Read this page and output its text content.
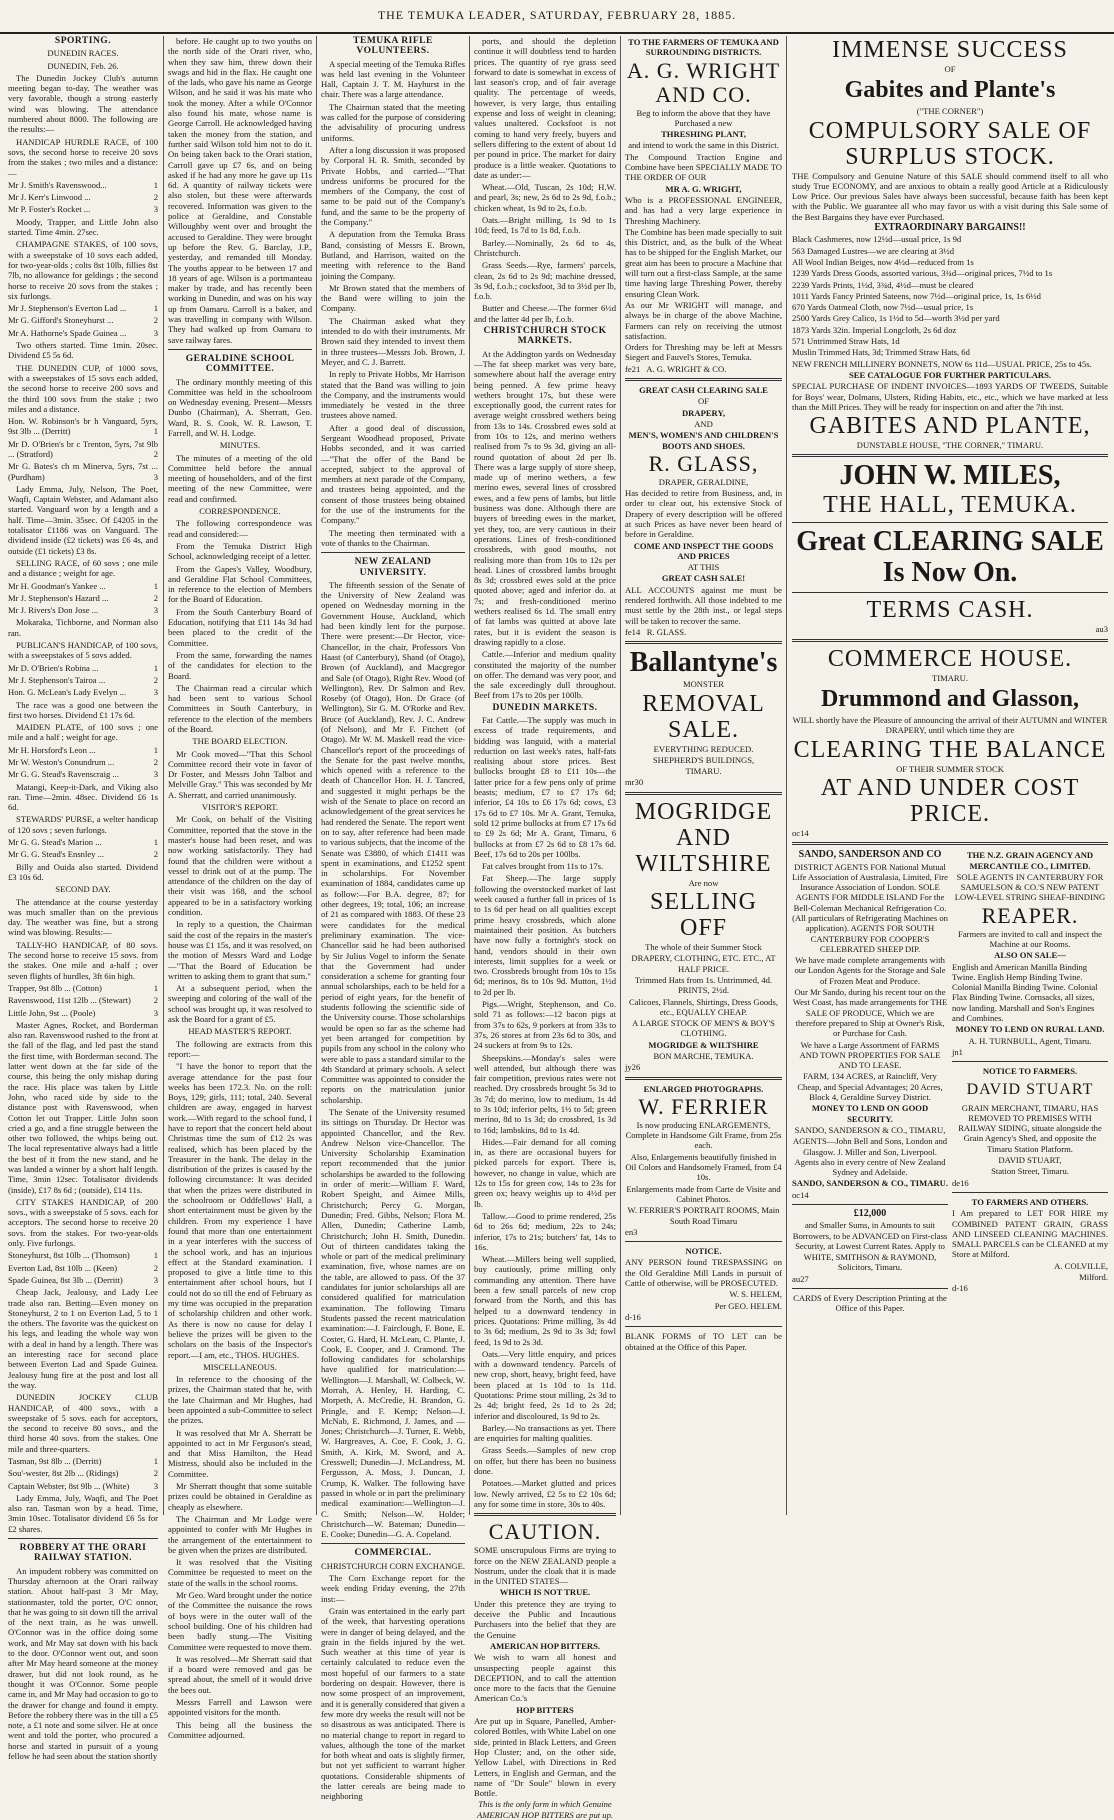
THE TEMUKA LEADER, SATURDAY, FEBRUARY 28, 1885.

SPORTING.

DUNEDIN RACES.

DUNEDIN, Feb. 26.

The Dunedin Jockey Club's autumn meeting began to-day. The weather was very favorable, though a strong easterly wind was blowing. The attendance numbered about 8000. The following are the results:—

HANDICAP HURDLE RACE, of 100 sovs, the second horse to receive 20 sovs from the stakes ; two miles and a distance:—

Mr J. Smith's Ravenswood...	1

Mr J. Kerr's Linwood ...	2

Mr P. Foster's Rocket ...	3

Moody, Trapper, and Little John also started. Time 4min. 27sec.

CHAMPAGNE STAKES, of 100 sovs, with a sweepstake of 10 sovs each added, for two-year-olds ; colts 8st 10lb, fillies 8st 7lb, no allowance for geldings ; the second horse to receive 20 sovs from the stakes ; six furlongs.

Mr J. Stephenson's Everton Lad ...	1

Mr G. Gifford's Stoneyhurst ...	2

Mr A. Hathorne's Spade Guinea ...	3

Two others started. Time 1min. 20sec. Dividend £5 5s 6d.

THE DUNEDIN CUP, of 1000 sovs, with a sweepstakes of 15 sovs each added, the second horse to receive 200 sovs and the third 100 sovs from the stake ; two miles and a distance.

Hon. W. Robinson's br h Vanguard, 5yrs, 9st 3lb ... (Derritt)	1

Mr D. O'Brien's br c Trenton, 5yrs, 7st 9lb ... (Stratford)	2

Mr G. Bates's ch m Minerva, 5yrs, 7st ... (Purdham)	3

Lady Emma, July, Nelson, The Poet, Waqfi, Captain Webster, and Adamant also started. Vanguard won by a length and a half. Time—3min. 35sec. Of £4205 in the totalisator £1186 was on Vanguard. The dividend inside (£2 tickets) was £6 4s, and outside (£1 tickets) £3 8s.

SELLING RACE, of 60 sovs ; one mile and a distance ; weight for age.

Mr H. Goodman's Yankee ...	1

Mr J. Stephenson's Hazard ...	2

Mr J. Rivers's Don Jose ...	3

Mokaraka, Tichborne, and Norman also ran.

PUBLICAN'S HANDICAP, of 100 sovs, with a sweepstakes of 5 sovs added.

Mr D. O'Brien's Robina ...	1

Mr J. Stephenson's Tairoa ...	2

Hon. G. McLean's Lady Evelyn ...	3

The race was a good one between the first two horses. Dividend £1 17s 6d.

MAIDEN PLATE, of 100 sovs ; one mile and a half ; weight for age.

Mr H. Horsford's Leon ...	1

Mr W. Weston's Conundrum ...	2

Mr G. G. Stead's Ravenscraig ...	3

Matangi, Keep-it-Dark, and Viking also ran. Time—2min. 48sec. Dividend £6 1s 6d.

STEWARDS' PURSE, a welter handicap of 120 sovs ; seven furlongs.

Mr G. G. Stead's Marion ...	1

Mr G. G. Stead's Ensnley ...	2

Billy and Ouida also started. Dividend £3 10s 6d.

SECOND DAY.

The attendance at the course yesterday was much smaller than on the previous day. The weather was fine, but a strong wind was blowing. Results:—

TALLY-HO HANDICAP, of 80 sovs. The second horse to receive 15 sovs. from the stakes. One mile and a-half ; over seven flights of hurdles, 3ft 6in high.

Trapper, 9st 8lb ... (Cotton)	1

Ravenswood, 11st 12lb ... (Stewart)	2

Little John, 9st ... (Poole)	3

Master Agnes, Rocket, and Borderman also ran. Ravenswood rushed to the front at the fall of the flag, and led past the stand the first time, with Borderman second. The latter went down at the far side of the course, this being the only mishap during the race. His place was taken by Little John, who raced side by side to the distance post with Ravenswood, when Cotton let out Trapper. Little John soon cried a go, and a fine struggle between the other two followed, the whips being out. The local representative always had a little the best of it from the new stand, and he was landed a winner by a short half length. Time, 3min 12sec. Totalisator dividends (inside), £17 8s 6d ; (outside), £14 11s.

CITY STAKES HANDICAP, of 200 sovs., with a sweepstake of 5 sovs. each for acceptors. The second horse to receive 20 sovs. from the stakes. For two-year-olds only. Five furlongs.

Stoneyhurst, 8st 10lb ... (Thomson)	1

Everton Lad, 8st 10lb ... (Keen)	2

Spade Guinea, 8st 3lb ... (Derritt)	3

Cheap Jack, Jealousy, and Lady Lee trade also ran. Betting—Even money on Stoneyhurst, 2 to 1 on Everton Lad, 5 to 1 the others. The favorite was the quickest on his legs, and leading the whole way won with a deal in hand by a length. There was an interesting race for second place between Everton Lad and Spade Guinea. Jealousy hung fire at the post and lost all the way.

DUNEDIN JOCKEY CLUB HANDICAP, of 400 sovs., with a sweepstake of 5 sovs. each for acceptors, the second to receive 80 sovs., and the third horse 40 sovs. from the stakes. One mile and three-quarters.

Tasman, 9st 8lb ... (Derritt)	1

Sou'-wester, 8st 2lb ... (Ridings)	2

Captain Webster, 8st 9lb ... (White)	3

Lady Emma, July, Waqfi, and The Poet also ran. Tasman won by a head. Time, 3min 10sec. Totalisator dividend £6 5s for £2 shares.

ROBBERY AT THE ORARI RAILWAY STATION.

An impudent robbery was committed on Thursday afternoon at the Orari railway station. About half-past 3 Mr May, stationmaster, told the porter, O'C onnor, that he was going to sit down till the arrival of the next train, as he was unwell. O'Connor was in the office doing some work, and Mr May sat down with his back to the door. O'Connor went out, and soon after Mr May heard someone at the money drawer, but did not look round, as he thought it was O'Connor. Some people came in, and Mr May had occasion to go to the drawer for change and found it empty. Before the robbery there was in the till a £5 note, a £1 note and some silver. He at once went and told the porter, who procured a horse and started in pursuit of a young fellow he had seen about the station shortly

before. He caught up to two youths on the north side of the Orari river, who, when they saw him, threw down their swags and hid in the flax. He caught one of the lads, who gave his name as George Wilson, and he said it was his mate who took the money. After a while O'Connor also found his mate, whose name is George Carroll. He acknowledged having taken the money from the station, and further said Wilson told him not to do it. On being taken back to the Orari station, Carroll gave up £7 6s, and on being asked if he had any more he gave up 11s 6d. A quantity of railway tickets were also stolen, but these were afterwards recovered. Information was given to the police at Geraldine, and Constable Willoughby went over and brought the accused to Geraldine. They were brought up before the Rev. G. Barclay, J.P., yesterday, and remanded till Monday. The youths appear to be between 17 and 18 years of age. Wilson is a portmanteau maker by trade, and has recently been working in Dunedin, and was on his way up from Oamaru. Carroll is a baker, and was travelling in company with Wilson. They had walked up from Oamaru to save railway fares.

GERALDINE SCHOOL COMMITTEE.

The ordinary monthly meeting of this Committee was held in the schoolroom on Wednesday evening. Present—Messrs Dunbo (Chairman), A. Sherratt, Geo. Ward, R. S. Cook, W. R. Lawson, T. Farrell, and W. H. Lodge.

MINUTES.

The minutes of a meeting of the old Committee held before the annual meeting of householders, and of the first meeting of the new Committee, were read and confirmed.

CORRESPONDENCE.

The following correspondence was read and considered:—

From the Temuka District High School, acknowledging receipt of a letter.

From the Gapes's Valley, Woodbury, and Geraldine Flat School Committees, in reference to the election of Members for the Board of Education.

From the South Canterbury Board of Education, notifying that £11 14s 3d had been placed to the credit of the Committee.

From the same, forwarding the names of the candidates for election to the Board.

The Chairman read a circular which had been sent to various School Committees in South Canterbury, in reference to the election of the members of the Board.

THE BOARD ELECTION.

Mr Cook moved—"That this School Committee record their vote in favor of Dr Foster, and Messrs John Talbot and Melville Gray." This was seconded by Mr A. Sherratt, and carried unanimously.

VISITOR'S REPORT.

Mr Cook, on behalf of the Visiting Committee, reported that the stove in the master's house had been reset, and was now working satisfactorily. They had found that the children were without a vessel to drink out of at the pump. The attendance of the children on the day of their visit was 168, and the school appeared to be in a satisfactory working condition.

In reply to a question, the Chairman said the cost of the repairs in the master's house was £1 15s, and it was resolved, on the motion of Messrs Ward and Lodge—"That the Board of Education be written to asking them to grant that sum."

At a subsequent period, when the sweeping and coloring of the wall of the school was brought up, it was resolved to ask the Board for a grant of £5.

HEAD MASTER'S REPORT.

The following are extracts from this report:—

"I have the honor to report that the average attendance for the past four weeks has been 172.3. No. on the roll: Boys, 129; girls, 111; total, 240. Several children are away, engaged in harvest work.—With regard to the school fund, I have to report that the concert held about Christmas time the sum of £12 2s was realised, which has been placed by the Treasurer in the bank. The delay in the distribution of the prizes is caused by the following circumstance: It was decided that when the prizes were distributed in the schoolroom or Oddfellows' Hall, a short entertainment must be given by the children. From my experience I have found that more than one entertainment in a year interferes with the success of the school work, and has an injurious effect at the Standard examination. I proposed to give a little time to this entertainment after school hours, but I could not do so till the end of February as my time was occupied in the preparation of scholarship children and other work. As there is now no cause for delay I believe the prizes will be given to the scholars on the basis of the Inspector's report.—I am, etc., THOS. HUGHES.

MISCELLANEOUS.

In reference to the choosing of the prizes, the Chairman stated that he, with the late Chairman and Mr Hughes, had been appointed a sub-Committee to select the prizes.

It was resolved that Mr A. Sherratt be appointed to act in Mr Ferguson's stead, and that Miss Hamilton, the Head Mistress, should also be included in the Committee.

Mr Sherratt thought that some suitable prizes could be obtained in Geraldine as cheaply as elsewhere.

The Chairman and Mr Lodge were appointed to confer with Mr Hughes in the arrangement of the entertainment to be given when the prizes are distributed.

It was resolved that the Visiting Committee be requested to meet on the state of the walls in the school rooms.

Mr Geo. Ward brought under the notice of the Committee the nuisance the rows of boys were in the outer wall of the school building. One of his children had been badly stung.—The Visiting Committee were requested to move them.

It was resolved—Mr Sherratt said that if a board were removed and gas be spread about, the smell of it would drive the bees out.

Messrs Farrell and Lawson were appointed visitors for the month.

This being all the business the Committee adjourned.

TEMUKA RIFLE VOLUNTEERS.

A special meeting of the Temuka Rifles was held last evening in the Volunteer Hall, Captain J. T. M. Hayhurst in the chair. There was a large attendance.

The Chairman stated that the meeting was called for the purpose of considering the advisability of procuring undress uniforms.

After a long discussion it was proposed by Corporal H. R. Smith, seconded by Private Hobbs, and carried—"That undress uniforms be procured for the members of the Company, the cost of same to be paid out of the Company's fund, and the same to be the property of the Company."

A deputation from the Temuka Brass Band, consisting of Messrs E. Brown, Butland, and Harrison, waited on the meeting with reference to the Band joining the Company.

Mr Brown stated that the members of the Band were willing to join the Company.

The Chairman asked what they intended to do with their instruments. Mr Brown said they intended to invest them in three trustees—Messrs Job. Brown, J. Meyer, and C. J. Barrett.

In reply to Private Hobbs, Mr Harrison stated that the Band was willing to join the Company, and the instruments would immediately be vested in the three trustees above named.

After a good deal of discussion, Sergeant Woodhead proposed, Private Hobbs seconded, and it was carried—"That the offer of the Band be accepted, subject to the approval of members at next parade of the Company, and trustees being appointed, and the consent of those trustees being obtained for the use of the instruments for the Company."

The meeting then terminated with a vote of thanks to the Chairman.

NEW ZEALAND UNIVERSITY.

The fifteenth session of the Senate of the University of New Zealand was opened on Wednesday morning in the Government House, Auckland, which had been kindly lent for the purpose. There were present:—Dr Hector, vice-Chancellor, in the chair, Professors Von Haast (of Canterbury), Shand (of Otago), Brown (of Auckland), and Macgregor and Sale (of Otago), Right Rev. Wood (of Wellington), Rev. Dr Salmon and Rev. Roseby (of Otago), Hon. Dr Grace (of Wellington), Sir G. M. O'Rorke and Rev. Bruce (of Auckland), Rev. J. C. Andrew (of Nelson), and Mr F. Fitchett (of Otago). Mr W. M. Maskell read the vice-Chancellor's report of the proceedings of the Senate for the past twelve months, which opened with a reference to the death of Chancellor Hon. H. J. Tancred, and suggested it might perhaps be the wish of the Senate to place on record an acknowledgement of the great services he had rendered the Senate. The report went on to say, after reference had been made to various subjects, that the income of the Senate was £3880, of which £1411 was spent in examinations, and £1252 spent in scholarships. For November examination of 1884, candidates came up as follow:—For B.A. degree, 87; for other degrees, 19; total, 106; an increase of 21 as compared with 1883. Of these 23 were candidates for the medical preliminary examination. The vice-Chancellor said he had been authorised by Sir Julius Vogel to inform the Senate that the Government had under consideration a scheme for granting four annual scholarships, each to be held for a period of eight years, for the benefit of students following the scientific side of the University course. Those scholarships would be open so far as the scheme had yet been arranged for competition by pupils from any school in the colony who were able to pass a standard similar to the 4th Standard at primary schools. A select Committee was appointed to consider the reports on the matriculation junior scholarship.

The Senate of the University resumed its sittings on Thursday. Dr Hector was appointed Chancellor, and the Rev. Andrew Nelson vice-Chancellor. The University Scholarship Examination report recommended that the junior scholarships be awarded to the following in order of merit:—William F. Ward, Robert Speight, and Aimee Mills, Christchurch; Percy G. Morgan, Dunedin; Fred. Gibbs, Nelson; Flora M. Allen, Dunedin; Catherine Lamb, Christchurch; John H. Smith, Dunedin. Out of thirteen candidates taking the whole or part of the medical preliminary examination, five, whose names are on the table, are allowed to pass. Of the 37 candidates for junior scholarships all are considered qualified for matriculation examination. The following Timaru Students passed the recent matriculation examination:—J. Fairclough, F. Bone, E. Coster, G. Hard, H. McLean, C. Plante, J. Cook, E. Cooper, and J. Cramond. The following candidates for scholarships have qualified for matriculation:—Wellington—J. Marshall, W. Colbeck, W. Morrah, A. Henley, H. Harding, C. Morpeth, A. McCredie, H. Brandon, G. Pringle, and F. Kemp; Nelson—J. McNab, E. Richmond, J. James, and —Jones; Christchurch—J. Turner, E. Webb, W. Hargreaves, A. Coe, F. Cook, J. G. Smith, A. Kirk, M. Sword, and A. Cresswell; Dunedin—J. McLandress, M. Fergusson, A. Moss, J. Duncan, J. Crump, K. Walker. The following have passed in whole or in part the preliminary medical examination:—Wellington—J. C. Smith; Nelson—W. Holder; Christchurch—W. Bateman; Dunedin—E. Cooke; Dunedin—G. A. Copeland.

COMMERCIAL.

CHRISTCHURCH CORN EXCHANGE.

The Corn Exchange report for the week ending Friday evening, the 27th inst:—

Grain was entertained in the early part of the week, that harvesting operations were in danger of being delayed, and the grain in the fields injured by the wet. Such weather at this time of year is certainly calculated to reduce even the most hopeful of our farmers to a state bordering on despair. However, there is now some prospect of an improvement, and it is generally considered that given a few more dry weeks the result will not be so disastrous as was anticipated. There is no material change to report in regard to values, although the tone of the market for both wheat and oats is slightly firmer, but not yet sufficient to warrant higher quotations. Considerable shipments of the latter cereals are being made to neighboring

ports, and should the depletion continue it will doubtless tend to harden prices. The quantity of rye grass seed forward to date is somewhat in excess of last season's crop, and of fair average quality. The percentage of weeds, however, is very large, thus entailing expense and loss of weight in cleaning; values unaltered. Cocksfoot is not coming to hand very freely, buyers and sellers differing to the extent of about 1d per pound in price. The market for dairy produce is a little weaker. Quotations to date as under:—

Wheat.—Old, Tuscan, 2s 10d; H.W. and pearl, 3s; new, 2s 6d to 2s 9d, f.o.b.; chicken wheat, 1s 9d to 2s, f.o.b.

Oats.—Bright milling, 1s 9d to 1s 10d; feed, 1s 7d to 1s 8d, f.o.b.

Barley.—Nominally, 2s 6d to 4s, Christchurch.

Grass Seeds.—Rye, farmers' parcels, clean, 2s 6d to 2s 9d; machine dressed, 3s 9d, f.o.b.; cocksfoot, 3d to 3½d per lb, f.o.b.

Butter and Cheese.—The former 6½d and the latter 4d per lb, f.o.b.

CHRISTCHURCH STOCK MARKETS.

At the Addington yards on Wednesday—The fat sheep market was very bare, somewhere about half the average entry being penned. A few prime heavy wethers brought 17s, but these were exceptionally good, the current rates for average weight crossbred wethers being from 13s to 14s. Crossbred ewes sold at from 10s to 12s, and merino wethers realised from 7s to 9s 3d, giving an all-round quotation of about 2d per lb. There was a large supply of store sheep, made up of merino wethers, a few merino ewes, several lines of crossbred ewes, and a few pens of lambs, but little business was done. Although there are buyers of breeding ewes in the market, yet they, too, are very cautious in their operations. Lines of fresh-conditioned crossbreds, with good mouths, not realising more than from 10s to 12s per head. Lines of crossbred lambs brought 8s 3d; crossbred ewes sold at the price quoted above; aged and inferior do. at 7s; and fresh-conditioned merino wethers realised 6s 1d. The small entry of fat lambs was quitted at above late rates, but it is evident the season is drawing rapidly to a close.

Cattle.—Inferior and medium quality constituted the majority of the number on offer. The demand was very poor, and the sale exceedingly dull throughout. Beef from 17s to 20s per 100lb.

DUNEDIN MARKETS.

Fat Cattle.—The supply was much in excess of trade requirements, and bidding was languid, with a material reduction on last week's rates, half-fats realising about store prices. Best bullocks brought £8 to £11 10s—the latter price for a few pens only of prime beasts; medium, £7 to £7 17s 6d; inferior, £4 10s to £6 17s 6d; cows, £3 17s 6d to £7 10s. Mr A. Grant, Temuka, sold 12 prime bullocks at from £7 17s 6d to £9 2s 6d; Mr A. Grant, Timaru, 6 bullocks at from £7 2s 6d to £8 17s 6d. Beef, 17s 6d to 20s per 100lbs.

Fat calves brought from 11s to 17s.

Fat Sheep.—The large supply following the overstocked market of last week caused a further fall in prices of 1s to 1s 6d per head on all qualities except prime heavy crossbreds, which alone maintained their position. As butchers have now fully a fortnight's stock on hand, vendors should in their own interests, limit supplies for a week or two. Crossbreds brought from 10s to 15s 6d; merinos, 8s to 10s 9d. Mutton, 1½d to 2d per lb.

Pigs.—Wright, Stephenson, and Co. sold 71 as follows:—12 bacon pigs at from 37s to 62s, 9 porkers at from 33s to 37s, 26 stores at from 23s 6d to 30s, and 24 suckers at from 9s to 12s.

Sheepskins.—Monday's sales were well attended, but although there was fair competition, previous rates were not reached. Dry crossbreds brought 5s 3d to 3s 7d; do merino, low to medium, 1s 4d to 3s 10d; inferior pelts, 1½ to 5d; green merino, 8d to 1s 3d; do crossbred, 1s 3d to 16d; lambskins, 8d to 1s 4d.

Hides.—Fair demand for all coming in, as there are occasional buyers for picked parcels for export. There is, however, no change in value, which are 12s to 15s for green cow, 14s to 23s for green ox; heavy weights up to 4½d per lb.

Tallow.—Good to prime rendered, 25s 6d to 26s 6d; medium, 22s to 24s; inferior, 17s to 21s; butchers' fat, 14s to 16s.

Wheat.—Millers being well supplied, buy cautiously, prime milling only commanding any attention. There have been a few small parcels of new crop forward from the North, and this has helped to a downward tendency in prices. Quotations: Prime milling, 3s 4d to 3s 6d; medium, 2s 9d to 3s 3d; fowl feed, 1s 9d to 2s 3d.

Oats.—Very little enquiry, and prices with a downward tendency. Parcels of new crop, short, heavy, bright feed, have been placed at 1s 10d to 1s 11d. Quotations: Prime stout milling, 2s 3d to 2s 4d; bright feed, 2s 1d to 2s 2d; inferior and discoloured, 1s 9d to 2s.

Barley.—No transactions as yet. There are enquiries for malting qualities.

Grass Seeds.—Samples of new crop on offer, but there has been no business done.

Potatoes.—Market glutted and prices low. Newly arrived, £2 5s to £2 10s 6d; any for some time in store, 30s to 40s.

CAUTION.

SOME unscrupulous Firms are trying to force on the NEW ZEALAND people a Nostrum, under the cloak that it is made in the UNITED STATES—

WHICH IS NOT TRUE.

Under this pretence they are trying to deceive the Public and Incautious Purchasers into the belief that they are the Genuine

AMERICAN HOP BITTERS.

We wish to warn all honest and unsuspecting people against this DECEPTION, and to call the attention once more to the facts that the Genuine American Co.'s

HOP BITTERS

Are put up in Square, Panelled, Amber-colored Bottles, with White Label on one side, printed in Black Letters, and Green Hop Cluster; and, on the other side, Yellow Label, with Directions in Red Letters, in English and German, and the name of "Dr Soule" blown in every Bottle.

This is the only form in which Genuine AMERICAN HOP BITTERS are put up.

TO THE FARMERS OF TEMUKA AND SURROUNDING DISTRICTS.

A. G. WRIGHT AND CO.

Beg to inform the above that they have Purchased a new

THRESHING PLANT,

and intend to work the same in this District.

The Compound Traction Engine and Combine have been SPECIALLY MADE TO THE ORDER OF OUR

MR A. G. WRIGHT,

Who is a PROFESSIONAL ENGINEER, and has had a very large experience in Threshing Machinery.

The Combine has been made specially to suit this District, and, as the bulk of the Wheat has to be shipped for the English Market, our great aim has been to procure a Machine that will turn out a first-class Sample, at the same time having large Threshing Power, thereby ensuring Clean Work.

As our Mr WRIGHT will manage, and always be in charge of the above Machine, Farmers can rely on receiving the utmost satisfaction.

Orders for Threshing may be left at Messrs Siegert and Fauvel's Stores, Temuka.

fe21 A. G. WRIGHT & CO.

GREAT CASH CLEARING SALE

OF

DRAPERY,

AND

MEN'S, WOMEN'S AND CHILDREN'S BOOTS AND SHOES.

R. GLASS,

DRAPER, GERALDINE,

Has decided to retire from Business, and, in order to clear out, his extensive Stock of Drapery of every description will be offered at such Prices as have never been heard of before in Geraldine.

COME AND INSPECT THE GOODS AND PRICES

AT THIS

GREAT CASH SALE!

ALL ACCOUNTS against me must be rendered forthwith. All those indebted to me must settle by the 28th inst., or legal steps will be taken to recover the same.

fe14 R. GLASS.

Ballantyne's

MONSTER

REMOVAL SALE.

EVERYTHING REDUCED.

SHEPHERD'S BUILDINGS,

TIMARU.

mr30

MOGRIDGE AND WILTSHIRE

Are now

SELLING OFF

The whole of their Summer Stock

DRAPERY, CLOTHING, ETC. ETC., AT HALF PRICE.

Trimmed Hats from 1s. Untrimmed, 4d. PRINTS, 2½d.

Calicoes, Flannels, Shirtings, Dress Goods, etc., EQUALLY CHEAP.

A LARGE STOCK OF MEN'S & BOY'S CLOTHING.

MOGRIDGE & WILTSHIRE

BON MARCHE, TEMUKA.

jy26

ENLARGED PHOTOGRAPHS.

W. FERRIER

Is now producing ENLARGEMENTS, Complete in Handsome Gilt Frame, from 25s each.

Also, Enlargements beautifully finished in Oil Colors and Handsomely Framed, from £4 10s.

Enlargements made from Carte de Visite and Cabinet Photos.

W. FERRIER'S PORTRAIT ROOMS, Main South Road Timaru

en3

NOTICE.

ANY PERSON found TRESPASSING on the Old Geraldine Mill Lands in pursuit of Cattle of otherwise, will be PROSECUTED.

W. S. HELEM,

Per GEO. HELEM.

d-16

BLANK FORMS of TO LET can be obtained at the Office of this Paper.

IMMENSE SUCCESS

OF

Gabites and Plante's

("THE CORNER")

COMPULSORY SALE OF SURPLUS STOCK.

THE Compulsory and Genuine Nature of this SALE should commend itself to all who study True ECONOMY, and are anxious to obtain a really good Article at a Ridiculously Low Price. Our previous Sales have always been successful, because faith has been kept with the Public. We guarantee all who may favor us with a visit during this Sale some of the Best Bargains they have ever Purchased.

EXTRAORDINARY BARGAINS!!

Black Cashmeres, now 12½d—usual price, 1s 9d

563 Damaged Lustres—we are clearing at 3½d

All Wool Indian Beiges, now 4½d—reduced from 1s

1239 Yards Dress Goods, assorted various, 3¾d—original prices, 7½d to 1s

2239 Yards Prints, 1½d, 3¾d, 4½d—must be cleared

1011 Yards Fancy Printed Sateens, now 7½d—original price, 1s, 1s 6½d

670 Yards Oatmeal Cloth, now 7½d—usual price, 1s

2500 Yards Grey Calico, 1s 1½d to 5d—worth 3½d per yard

1873 Yards 32in. Imperial Longcloth, 2s 6d doz

571 Untrimmed Straw Hats, 1d

Muslin Trimmed Hats, 3d; Trimmed Straw Hats, 6d

NEW FRENCH MILLINERY BONNETS, NOW 6s 11d—USUAL PRICE, 25s to 45s.

SEE CATALOGUE FOR FURTHER PARTICULARS.

SPECIAL PURCHASE OF INDENT INVOICES—1893 YARDS OF TWEEDS, Suitable for Boys' wear, Dolmans, Ulsters, Riding Habits, etc., etc., which we have marked at less than the Mill Prices. They will be ready for inspection on and after the 7th inst.

GABITES AND PLANTE,

DUNSTABLE HOUSE, "THE CORNER," TIMARU.

JOHN W. MILES,

THE HALL, TEMUKA.

Great CLEARING SALE

Is Now On.

TERMS CASH.

au3

COMMERCE HOUSE.

TIMARU.

Drummond and Glasson,

WILL shortly have the Pleasure of announcing the arrival of their AUTUMN and WINTER DRAPERY, until which time they are

CLEARING THE BALANCE

OF THEIR SUMMER STOCK

AT AND UNDER COST PRICE.

oc14

SANDO, SANDERSON AND CO

DISTRICT AGENTS FOR National Mutual Life Association of Australasia, Limited, Fire Insurance Association of London. SOLE AGENTS FOR MIDDLE ISLAND For the Bell-Coleman Mechanical Refrigeration Co. (All particulars of Refrigerating Machines on application). AGENTS FOR SOUTH CANTERBURY FOR COOPER'S CELEBRATED SHEEP DIP.

We have made complete arrangements with our London Agents for the Storage and Sale of Frozen Meat and Produce.

Our Mr Sando, during his recent tour on the West Coast, has made arrangements for THE SALE OF PRODUCE, Which we are therefore prepared to Ship at Owner's Risk, or Purchase for Cash.

We have a Large Assortment of FARMS AND TOWN PROPERTIES FOR SALE AND TO LEASE.

FARM, 134 ACRES, at Raincliff, Very Cheap, and Special Advantages; 20 Acres, Block 4, Geraldine Survey District.

MONEY TO LEND ON GOOD SECURITY.

SANDO, SANDERSON & CO., TIMARU,

AGENTS—John Bell and Sons, London and Glasgow. J. Miller and Son, Liverpool. Agents also in every centre of New Zealand Sydney and Adelaide.

SANDO, SANDERSON & CO., TIMARU.

oc14

£12,000

and Smaller Sums, in Amounts to suit Borrowers, to be ADVANCED on First-class Security, at Lowest Current Rates. Apply to

WHITE, SMITHSON & RAYMOND, Solicitors, Timaru.

au27

CARDS of Every Description Printing at the Office of this Paper.

THE N.Z. GRAIN AGENCY AND MERCANTILE CO., LIMITED.

SOLE AGENTS IN CANTERBURY FOR SAMUELSON & CO.'S NEW PATENT LOW-LEVEL STRING SHEAF-BINDING

REAPER.

Farmers are invited to call and inspect the Machine at our Rooms.

ALSO ON SALE—

English and American Manilla Binding Twine. English Hemp Binding Twine. Colonial Manilla Binding Twine. Colonial Flax Binding Twine. Cornsacks, all sizes, now landing. Marshall and Son's Engines and Combines.

MONEY TO LEND ON RURAL LAND.

A. H. TURNBULL, Agent, Timaru.

jn1

NOTICE TO FARMERS.

DAVID STUART

GRAIN MERCHANT, TIMARU, HAS REMOVED TO PREMISES WITH RAILWAY SIDING, situate alongside the Grain Agency's Shed, and opposite the Timaru Station Platform.

DAVID STUART,

Station Street, Timaru.

de16

TO FARMERS AND OTHERS.

I Am prepared to LET FOR HIRE my COMBINED PATENT GRAIN, GRASS AND LINSEED CLEANING MACHINES. SMALL PARCELS can be CLEANED at my Store at Milford.

A. COLVILLE,

Milford.

d-16
